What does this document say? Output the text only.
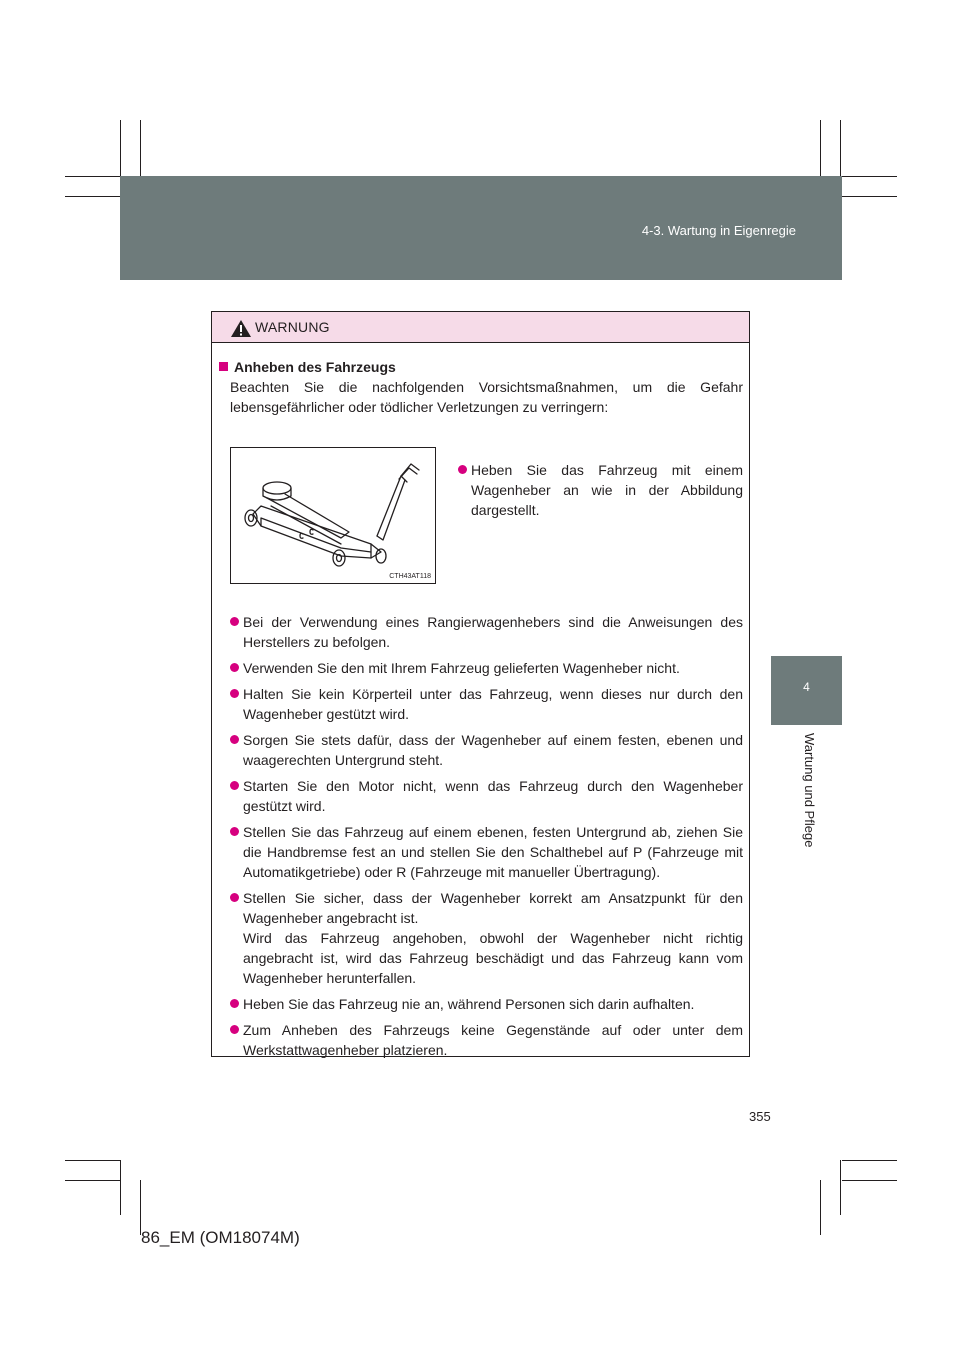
4-3. Wartung in Eigenregie
4
Wartung und Pflege
WARNUNG
Anheben des Fahrzeugs
Beachten Sie die nachfolgenden Vorsichtsmaßnahmen, um die Gefahr lebensgefährlicher oder tödlicher Verletzungen zu verringern:
CTH43AT118
Heben Sie das Fahrzeug mit einem Wagenheber an wie in der Abbildung dargestellt.
Bei der Verwendung eines Rangierwagenhebers sind die Anweisungen des Herstellers zu befolgen.
Verwenden Sie den mit Ihrem Fahrzeug gelieferten Wagenheber nicht.
Halten Sie kein Körperteil unter das Fahrzeug, wenn dieses nur durch den Wagenheber gestützt wird.
Sorgen Sie stets dafür, dass der Wagenheber auf einem festen, ebenen und waagerechten Untergrund steht.
Starten Sie den Motor nicht, wenn das Fahrzeug durch den Wagenheber gestützt wird.
Stellen Sie das Fahrzeug auf einem ebenen, festen Untergrund ab, ziehen Sie die Handbremse fest an und stellen Sie den Schalthebel auf P (Fahrzeuge mit Automatikgetriebe) oder R (Fahrzeuge mit manueller Übertragung).
Stellen Sie sicher, dass der Wagenheber korrekt am Ansatzpunkt für den Wagenheber angebracht ist.
Wird das Fahrzeug angehoben, obwohl der Wagenheber nicht richtig angebracht ist, wird das Fahrzeug beschädigt und das Fahrzeug kann vom Wagenheber herunterfallen.
Heben Sie das Fahrzeug nie an, während Personen sich darin aufhalten.
Zum Anheben des Fahrzeugs keine Gegenstände auf oder unter dem Werkstattwagenheber platzieren.
355
86_EM (OM18074M)
